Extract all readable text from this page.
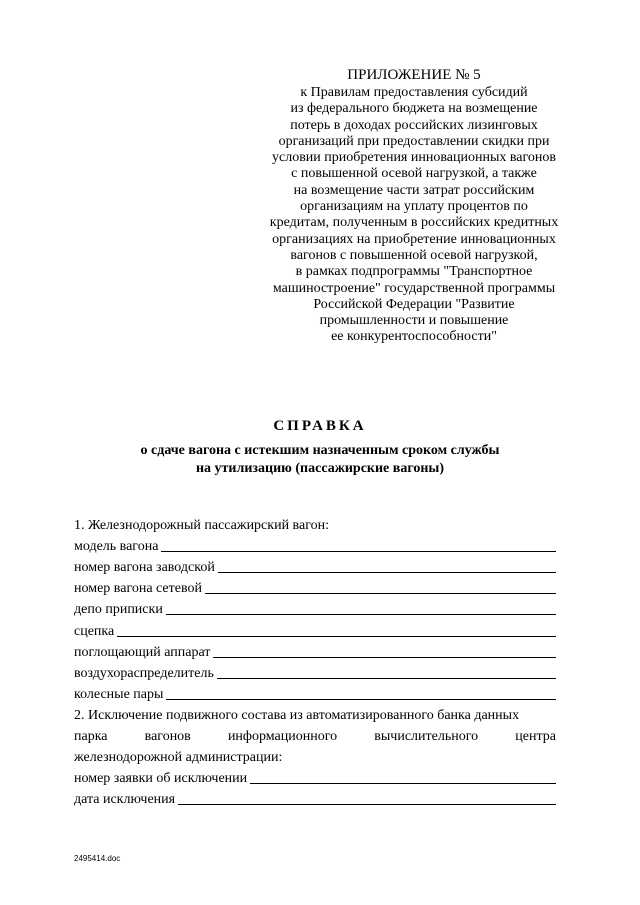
ПРИЛОЖЕНИЕ № 5
к Правилам предоставления субсидий
из федерального бюджета на возмещение
потерь в доходах российских лизинговых
организаций при предоставлении скидки при
условии приобретения инновационных вагонов
с повышенной осевой нагрузкой, а также
на возмещение части затрат российским
организациям на уплату процентов по
кредитам, полученным в российских кредитных
организациях на приобретение инновационных
вагонов с повышенной осевой нагрузкой,
в рамках подпрограммы "Транспортное
машиностроение" государственной программы
Российской Федерации "Развитие
промышленности и повышение
ее конкурентоспособности"
СПРАВКА
о сдаче вагона с истекшим назначенным сроком службы
на утилизацию (пассажирские вагоны)
1. Железнодорожный пассажирский вагон:
модель вагона
номер вагона заводской
номер вагона сетевой
депо приписки
сцепка
поглощающий аппарат
воздухораспределитель
колесные пары
2. Исключение подвижного состава из автоматизированного банка данных
парка	вагонов	информационного	вычислительного	центра
железнодорожной администрации:
номер заявки об исключении
дата исключения
2495414.doc
